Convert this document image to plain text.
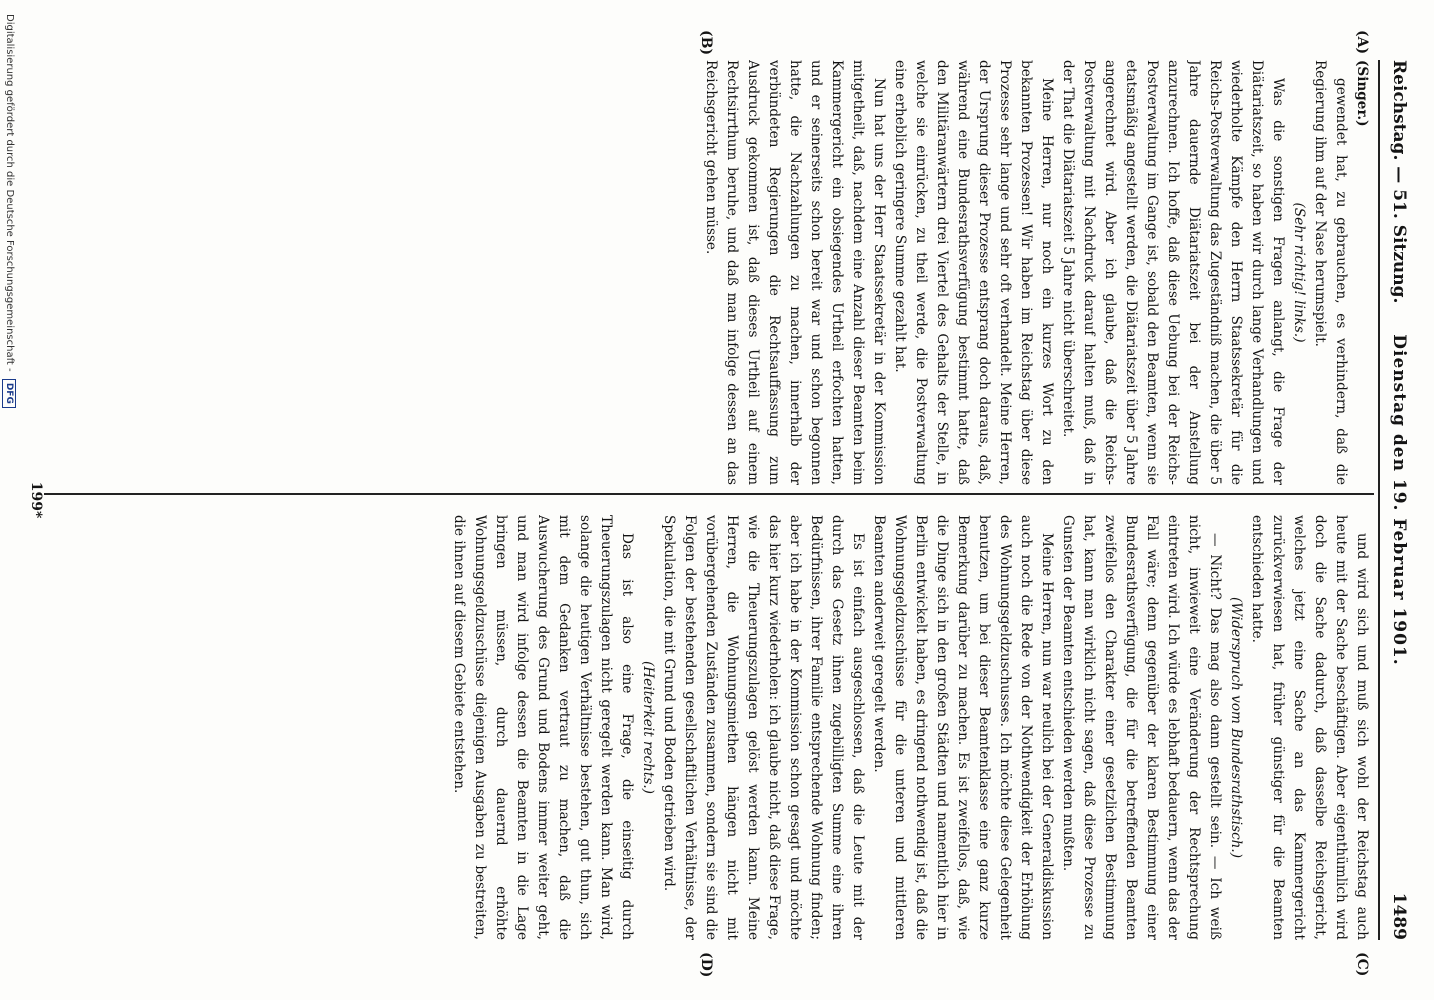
Reichstag. — 51. Sitzung.
Dienstag den 19. Februar 1901.
1489
(A)
(B)
(C)
(D)

(Singer.)

gewendet hat, zu gebrauchen, es verhindern, daß die Regierung ihm auf der Nase herumspielt.

(Sehr richtig! links.)

Was die sonstigen Fragen anlangt, die Frage der Diätariatszeit, so haben wir durch lange Verhandlungen und wiederholte Kämpfe den Herrn Staatssekretär für die Reichs-Postverwaltung das Zugeständniß machen, die über 5 Jahre dauernde Diätariatszeit bei der Anstellung anzurechnen. Ich hoffe, daß diese Uebung bei der Reichs-Postverwaltung im Gange ist, sobald den Beamten, wenn sie etatsmäßig angestellt werden, die Diätariatszeit über 5 Jahre angerechnet wird. Aber ich glaube, daß die Reichs-Postverwaltung mit Nachdruck darauf halten muß, daß in der That die Diätariatszeit 5 Jahre nicht überschreitet.

Meine Herren, nur noch ein kurzes Wort zu den bekannten Prozessen! Wir haben im Reichstag über diese Prozesse sehr lange und sehr oft verhandelt. Meine Herren, der Ursprung dieser Prozesse entsprang doch daraus, daß, während eine Bundesrathsverfügung bestimmt hatte, daß den Militäranwärtern drei Viertel des Gehalts der Stelle, in welche sie einrücken, zu theil werde, die Postverwaltung eine erheblich geringere Summe gezahlt hat.

Nun hat uns der Herr Staatssekretär in der Kommission mitgetheilt, daß, nachdem eine Anzahl dieser Beamten beim Kammergericht ein obsiegendes Urtheil erfochten hatten, und er seinerseits schon bereit war und schon begonnen hatte, die Nachzahlungen zu machen, innerhalb der verbündeten Regierungen die Rechtsauffassung zum Ausdruck gekommen ist, daß dieses Urtheil auf einem Rechtsirrthum beruhe, und daß man infolge dessen an das Reichsgericht gehen müsse.

und wird sich und muß sich wohl der Reichstag auch heute mit der Sache beschäftigen. Aber eigenthümlich wird doch die Sache dadurch, daß dasselbe Reichsgericht, welches jetzt eine Sache an das Kammergericht zurückverwiesen hat, früher günstiger für die Beamten entschieden hatte.

(Widerspruch vom Bundesrathstisch.)

— Nicht? Das mag also dann gestellt sein. — Ich weiß nicht, inwieweit eine Veränderung der Rechtsprechung eintreten wird. Ich würde es lebhaft bedauern, wenn das der Fall wäre; denn gegenüber der klaren Bestimmung einer Bundesrathsverfügung, die für die betreffenden Beamten zweifellos den Charakter einer gesetzlichen Bestimmung hat, kann man wirklich nicht sagen, daß diese Prozesse zu Gunsten der Beamten entschieden werden mußten.

Meine Herren, nun war neulich bei der Generaldiskussion auch noch die Rede von der Nothwendigkeit der Erhöhung des Wohnungsgeldzuschusses. Ich möchte diese Gelegenheit benutzen, um bei dieser Beamtenklasse eine ganz kurze Bemerkung darüber zu machen. Es ist zweifellos, daß, wie die Dinge sich in den großen Städten und namentlich hier in Berlin entwickelt haben, es dringend nothwendig ist, daß die Wohnungsgeldzuschüsse für die unteren und mittleren Beamten anderweit geregelt werden.

Es ist einfach ausgeschlossen, daß die Leute mit der durch das Gesetz ihnen zugebilligten Summe eine ihren Bedürfnissen, ihrer Familie entsprechende Wohnung finden; aber ich habe in der Kommission schon gesagt und möchte das hier kurz wiederholen: ich glaube nicht, daß diese Frage, wie die Theuerungszulagen gelöst werden kann. Meine Herren, die Wohnungsmiethen hängen nicht mit vorübergehenden Zuständen zusammen, sondern sie sind die Folgen der bestehenden gesellschaftlichen Verhältnisse, der Spekulation, die mit Grund und Boden getrieben wird.

(Heiterkeit rechts.)

Das ist also eine Frage, die einseitig durch Theuerungszulagen nicht geregelt werden kann. Man wird, solange die heutigen Verhältnisse bestehen, gut thun, sich mit dem Gedanken vertraut zu machen, daß die Auswucherung des Grund und Bodens immer weiter geht, und man wird infolge dessen die Beamten in die Lage bringen müssen, durch dauernd erhöhte Wohnungsgeldzuschüsse diejenigen Ausgaben zu bestreiten, die ihnen auf diesem Gebiete entstehen.

199*
Digitalisierung gefördert durch die Deutsche Forschungsgemeinschaft - DFG
